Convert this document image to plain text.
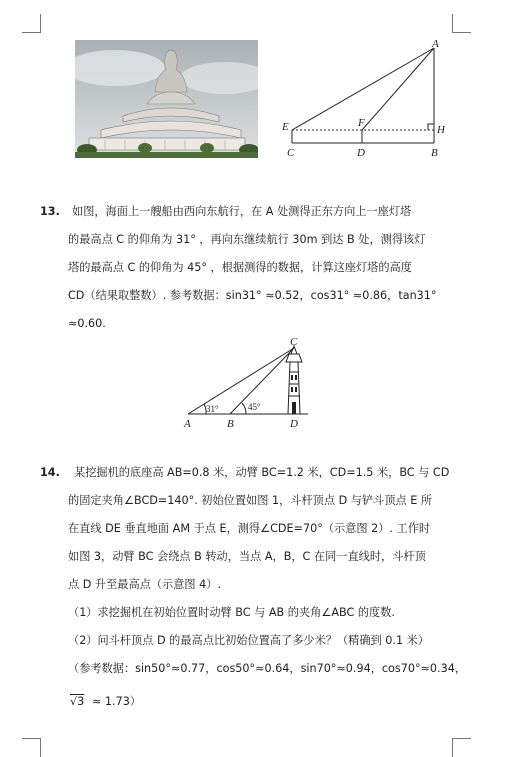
A
E	F
H
C	D	B
13. 如图，海面上一艘船由西向东航行，在 A 处测得正东方向上一座灯塔
的最高点 C 的仰角为 31° ，再向东继续航行 30m 到达 B 处，测得该灯
塔的最高点 C 的仰角为 45° ，根据测得的数据，计算这座灯塔的高度
CD（结果取整数）. 参考数据：sin31° ≈0.52，cos31° ≈0.86，tan31°
≈0.60.
31°	45°
A	B
C
D
14. 某挖掘机的底座高 AB=0.8 米，动臂 BC=1.2 米，CD=1.5 米，BC 与 CD
的固定夹角∠BCD=140°. 初始位置如图 1，斗杆顶点 D 与铲斗顶点 E 所
在直线 DE 垂直地面 AM 于点 E，测得∠CDE=70°（示意图 2）. 工作时
如图 3，动臂 BC 会绕点 B 转动，当点 A，B，C 在同一直线时，斗杆顶
点 D 升至最高点（示意图 4）.
（1）求挖掘机在初始位置时动臂 BC 与 AB 的夹角∠ABC 的度数.
（2）问斗杆顶点 D 的最高点比初始位置高了多少米？（精确到 0.1 米）
（参考数据：sin50°≈0.77，cos50°≈0.64，sin70°≈0.94，cos70°≈0.34，
√3 ≈ 1.73）
